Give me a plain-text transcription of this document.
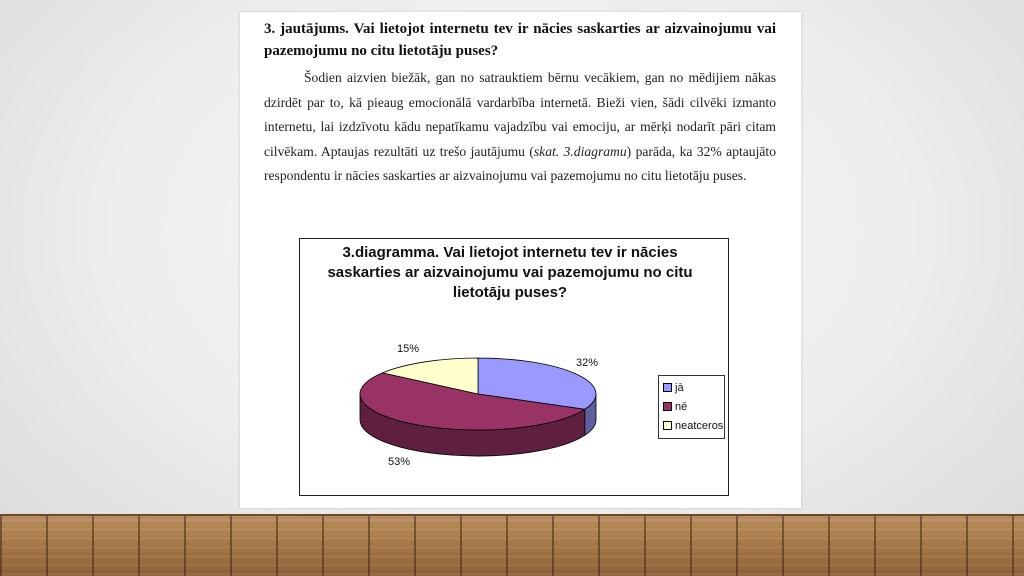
3. jautājums. Vai lietojot internetu tev ir nācies saskarties ar aizvainojumu vai pazemojumu no citu lietotāju puses?

Šodien aizvien biežāk, gan no satrauktiem bērnu vecākiem, gan no mēdijiem nākas dzirdēt par to, kā pieaug emocionālā vardarbība internetā. Bieži vien, šādi cilvēki izmanto internetu, lai izdzīvotu kādu nepatīkamu vajadzību vai emociju, ar mērķi nodarīt pāri citam cilvēkam. Aptaujas rezultāti uz trešo jautājumu (skat. 3.diagramu) parāda, ka 32% aptaujāto respondentu ir nācies saskarties ar aizvainojumu vai pazemojumu no citu lietotāju puses.

3.diagramma. Vai lietojot internetu tev ir nācies saskarties ar aizvainojumu vai pazemojumu no citu lietotāju puses?

15%
32%
53%
jā
nē
neatceros
